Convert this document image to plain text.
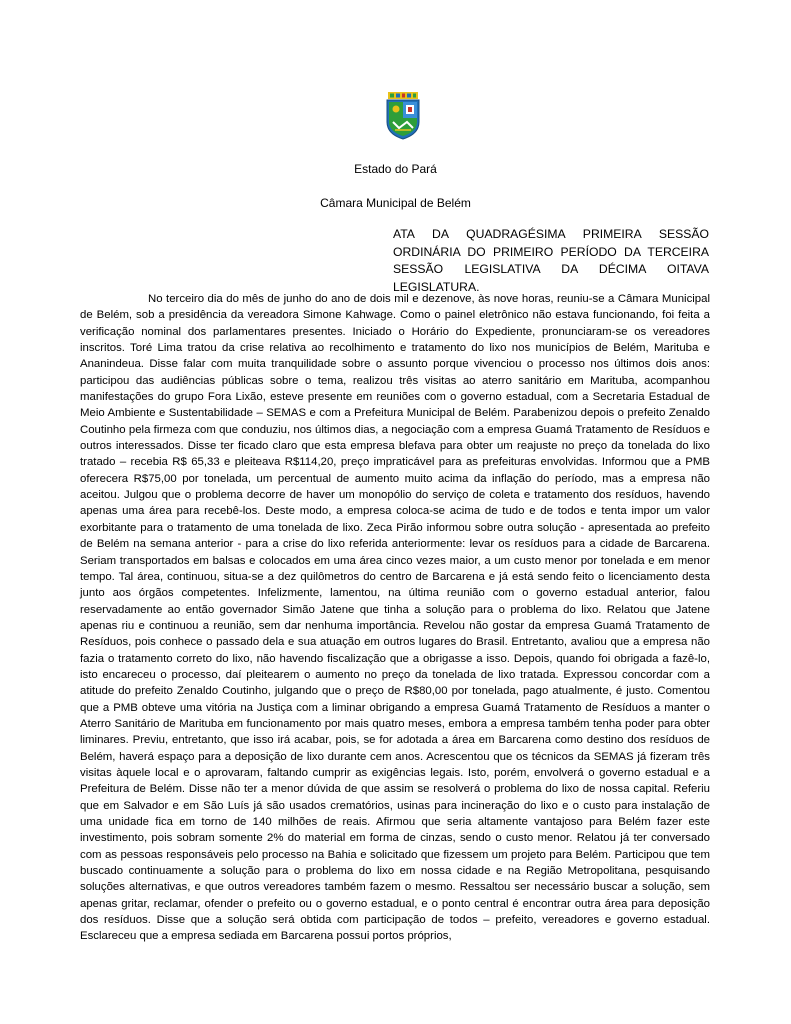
Estado do Pará
Câmara Municipal de Belém

ATA DA QUADRAGÉSIMA PRIMEIRA SESSÃO ORDINÁRIA DO PRIMEIRO PERÍODO DA TERCEIRA SESSÃO LEGISLATIVA DA DÉCIMA OITAVA LEGISLATURA.

No terceiro dia do mês de junho do ano de dois mil e dezenove, às nove horas, reuniu-se a Câmara Municipal de Belém, sob a presidência da vereadora Simone Kahwage. Como o painel eletrônico não estava funcionando, foi feita a verificação nominal dos parlamentares presentes. Iniciado o Horário do Expediente, pronunciaram-se os vereadores inscritos. Toré Lima tratou da crise relativa ao recolhimento e tratamento do lixo nos municípios de Belém, Marituba e Ananindeua. Disse falar com muita tranquilidade sobre o assunto porque vivenciou o processo nos últimos dois anos: participou das audiências públicas sobre o tema, realizou três visitas ao aterro sanitário em Marituba, acompanhou manifestações do grupo Fora Lixão, esteve presente em reuniões com o governo estadual, com a Secretaria Estadual de Meio Ambiente e Sustentabilidade – SEMAS e com a Prefeitura Municipal de Belém. Parabenizou depois o prefeito Zenaldo Coutinho pela firmeza com que conduziu, nos últimos dias, a negociação com a empresa Guamá Tratamento de Resíduos e outros interessados. Disse ter ficado claro que esta empresa blefava para obter um reajuste no preço da tonelada do lixo tratado – recebia R$ 65,33 e pleiteava R$114,20, preço impraticável para as prefeituras envolvidas. Informou que a PMB oferecera R$75,00 por tonelada, um percentual de aumento muito acima da inflação do período, mas a empresa não aceitou. Julgou que o problema decorre de haver um monopólio do serviço de coleta e tratamento dos resíduos, havendo apenas uma área para recebê-los. Deste modo, a empresa coloca-se acima de tudo e de todos e tenta impor um valor exorbitante para o tratamento de uma tonelada de lixo. Zeca Pirão informou sobre outra solução - apresentada ao prefeito de Belém na semana anterior - para a crise do lixo referida anteriormente: levar os resíduos para a cidade de Barcarena. Seriam transportados em balsas e colocados em uma área cinco vezes maior, a um custo menor por tonelada e em menor tempo. Tal área, continuou, situa-se a dez quilômetros do centro de Barcarena e já está sendo feito o licenciamento desta junto aos órgãos competentes. Infelizmente, lamentou, na última reunião com o governo estadual anterior, falou reservadamente ao então governador Simão Jatene que tinha a solução para o problema do lixo. Relatou que Jatene apenas riu e continuou a reunião, sem dar nenhuma importância. Revelou não gostar da empresa Guamá Tratamento de Resíduos, pois conhece o passado dela e sua atuação em outros lugares do Brasil. Entretanto, avaliou que a empresa não fazia o tratamento correto do lixo, não havendo fiscalização que a obrigasse a isso. Depois, quando foi obrigada a fazê-lo, isto encareceu o processo, daí pleitearem o aumento no preço da tonelada de lixo tratada. Expressou concordar com a atitude do prefeito Zenaldo Coutinho, julgando que o preço de R$80,00 por tonelada, pago atualmente, é justo. Comentou que a PMB obteve uma vitória na Justiça com a liminar obrigando a empresa Guamá Tratamento de Resíduos a manter o Aterro Sanitário de Marituba em funcionamento por mais quatro meses, embora a empresa também tenha poder para obter liminares. Previu, entretanto, que isso irá acabar, pois, se for adotada a área em Barcarena como destino dos resíduos de Belém, haverá espaço para a deposição de lixo durante cem anos. Acrescentou que os técnicos da SEMAS já fizeram três visitas àquele local e o aprovaram, faltando cumprir as exigências legais. Isto, porém, envolverá o governo estadual e a Prefeitura de Belém. Disse não ter a menor dúvida de que assim se resolverá o problema do lixo de nossa capital. Referiu que em Salvador e em São Luís já são usados crematórios, usinas para incineração do lixo e o custo para instalação de uma unidade fica em torno de 140 milhões de reais. Afirmou que seria altamente vantajoso para Belém fazer este investimento, pois sobram somente 2% do material em forma de cinzas, sendo o custo menor. Relatou já ter conversado com as pessoas responsáveis pelo processo na Bahia e solicitado que fizessem um projeto para Belém. Participou que tem buscado continuamente a solução para o problema do lixo em nossa cidade e na Região Metropolitana, pesquisando soluções alternativas, e que outros vereadores também fazem o mesmo. Ressaltou ser necessário buscar a solução, sem apenas gritar, reclamar, ofender o prefeito ou o governo estadual, e o ponto central é encontrar outra área para deposição dos resíduos. Disse que a solução será obtida com participação de todos – prefeito, vereadores e governo estadual. Esclareceu que a empresa sediada em Barcarena possui portos próprios,
